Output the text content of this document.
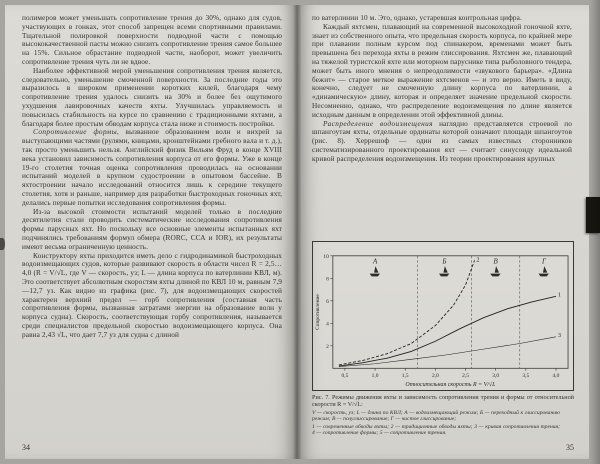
полимеров может уменьшать сопротивление трения до 30%, однако для судов, участвующих в гонках, этот способ запрещен всеми спортивными правилами. Тщательной полировкой поверхности подводной части с помощью высококачественной пасты можно снизить сопротивление трения самое большее на 15%. Сильное обрастание подводной части, наоборот, может увеличить сопротивление трения чуть ли не вдвое.

Наиболее эффективной мерой уменьшения сопротивления трения является, следовательно, уменьшение смоченной поверхности. За последние годы это выразилось в широком применении коротких килей, благодаря чему сопротивление трения удалось снизить на 30% и более без ощутимого ухудшения лавировочных качеств яхты. Улучшилась управляемость и повысилась стабильность на курсе по сравнению с традиционными яхтами, а благодаря более простым обводам корпуса стала ниже и стоимость постройки.

Сопротивление формы, вызванное образованием волн и вихрей за выступающими частями (рулями, кницами, кронштейнами гребного вала и т. д.), так просто уменьшить нельзя. Английский физик Вильям Фруд в конце XVIII века установил зависимость сопротивления корпуса от его формы. Уже в конце 19-го столетия точная оценка сопротивления проводилась на основании испытаний моделей в крупном судостроении в опытовом бассейне. В яхтостроении начало исследований относится лишь к середине текущего столетия, хотя и раньше, например для разработки быстроходных гоночных яхт, делались первые попытки исследования сопротивления формы.

Из-за высокой стоимости испытаний моделей только в последние десятилетия стали проводить систематические исследования сопротивления формы парусных яхт. Но поскольку все основные элементы испытанных яхт подчинялись требованиям формул обмера (RORC, ССА и IOR), их результаты имеют весьма ограниченную ценность.

Конструктору яхты приходится иметь дело с гидродинамикой быстроходных водоизмещающих судов, которые развивают скорость в области чисел R = 2,5…4,0 (R = V/√L, где V — скорость, уз; L — длина корпуса по ватерлинии КВЛ, м). Это соответствует абсолютным скоростям яхты длиной по КВЛ 10 м, равным 7,9—12,7 уз. Как видно из графика (рис. 7), для водоизмещающих скоростей характерен верхний предел — горб сопротивления (составная часть сопротивления формы, вызванная затратами энергии на образование волн у корпуса судна). Скорость, соответствующая горбу сопротивления, называется среди специалистов предельной скоростью водоизмещающего корпуса. Она равна 2,43 √L, что дает 7,7 уз для судна с длиной

34

по ватерлинии 10 м. Это, однако, устаревшая контрольная цифра.

Каждый яхтсмен, плавающий на современной высокоходной гоночной яхте, знает из собственного опыта, что предельная скорость корпуса, по крайней мере при плавании полным курсом под спинакером, временами может быть превышена без перехода яхты в режим глиссирования. Яхтсмен же, плавающий на тяжелой туристской яхте или моторном паруснике типа рыболовного тендера, может быть иного мнения о непреодолимости «звукового барьера». «Длина бежит» — старое меткое выражение яхтсменов — и это верно. Иметь в виду, конечно, следует не смоченную длину корпуса по ватерлинии, а «динамическую» длину, которая и определяет значение предельной скорости. Несомненно, однако, что распределение водоизмещения по длине является исходным данным в определении этой эффективной длины.

Распределение водоизмещения наглядно представляется строевой по шпангоутам яхты, отдельные ординаты которой означают площади шпангоутов (рис. 8). Херрешоф — один из самых известных сторонников систематизированного проектирования яхт — считает синусоиду идеальной кривой распределения водоизмещения. Из теории проектирования крупных

А	Б	В	Г
1
2
3
0,5	1,0	1,5	2,0	2,5	3,0	3,5	4,0
2
4
6
8
10
Относительная скорость R = V/√L
Сопротивление

Рис. 7. Режимы движения яхты и зависимость сопротивления трения и формы от относительной скорости R = V/√L:

V — скорость, уз; L — длина по КВЛ; А — водоизмещающий режим; Б — переходный к глиссированию режим; В — полуглиссирование; Г — чистое глиссирование;

1 — современные обводы яхты; 2 — традиционные обводы яхты; 3 — кривая сопротивления трения; 4 — сопротивление формы; 5 — сопротивление трения.

35
